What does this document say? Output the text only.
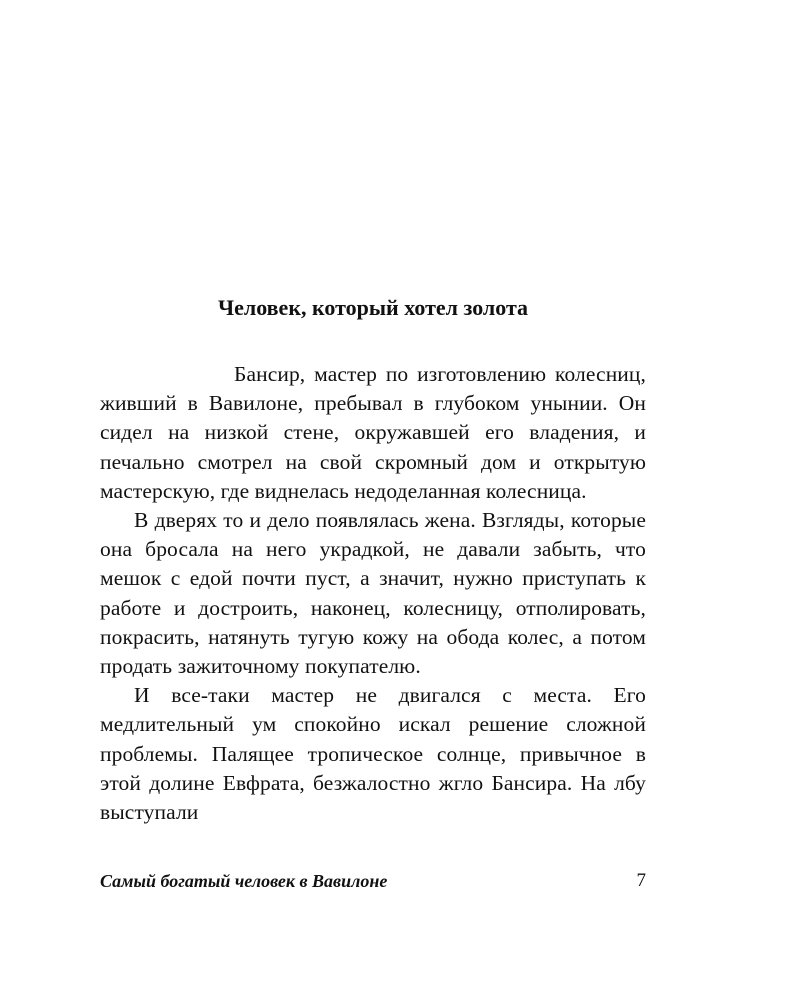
Человек, который хотел золота

Бансир, мастер по изготовлению колесниц, живший в Вавилоне, пребывал в глубоком унынии. Он сидел на низкой стене, окружавшей его владения, и печально смотрел на свой скромный дом и открытую мастерскую, где виднелась недоделанная колесница.

В дверях то и дело появлялась жена. Взгляды, которые она бросала на него украдкой, не давали забыть, что мешок с едой почти пуст, а значит, нужно приступать к работе и достроить, наконец, колесницу, отполировать, покрасить, натянуть тугую кожу на обода колес, а потом продать зажиточному покупателю.

И все-таки мастер не двигался с места. Его медлительный ум спокойно искал решение сложной проблемы. Палящее тропическое солнце, привычное в этой долине Евфрата, безжалостно жгло Бансира. На лбу выступали

Самый богатый человек в Вавилоне	7
